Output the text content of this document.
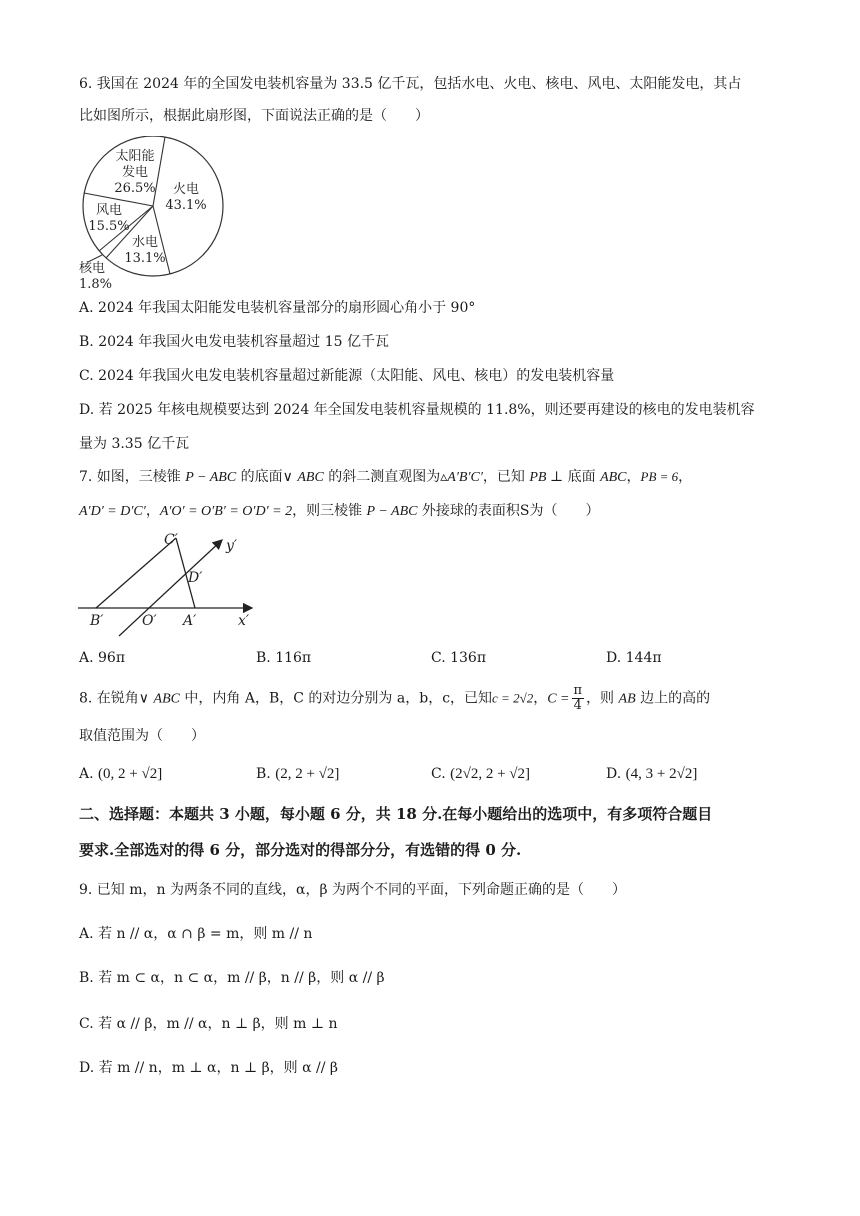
6. 我国在 2024 年的全国发电装机容量为 33.5 亿千瓦，包括水电、火电、核电、风电、太阳能发电，其占
比如图所示，根据此扇形图，下面说法正确的是（　　）
太阳能
发电
26.5% 火电
43.1%
风电
15.5%
水电
13.1%
核电
1.8%
A. 2024 年我国太阳能发电装机容量部分的扇形圆心角小于 90°
B. 2024 年我国火电发电装机容量超过 15 亿千瓦
C. 2024 年我国火电发电装机容量超过新能源（太阳能、风电、核电）的发电装机容量
D. 若 2025 年核电规模要达到 2024 年全国发电装机容量规模的 11.8%，则还要再建设的核电的发电装机容
量为 3.35 亿千瓦
7. 如图，三棱锥 P − ABC 的底面∨ ABC 的斜二测直观图为▵A′B′C′，已知 PB ⊥ 底面 ABC，PB = 6，
A′D′ = D′C′，A′O′ = O′B′ = O′D′ = 2，则三棱锥 P − ABC 外接球的表面积S为（　　）
C′	y′
D′
B′	O′ A′	x′
A. 96π	B. 116π	C. 136π	D. 144π
8. 在锐角∨ ABC 中，内角 A，B，C 的对边分别为 a，b，c，已知c = 2√2，$C = \frac{\pi}{4}$ ，则 AB 边上的高的
取值范围为（　　）
A. (0, 2 + √2]	B. (2, 2 + √2]	C. (2√2, 2 + √2]	D. (4, 3 + 2√2]
二、选择题：本题共 3 小题，每小题 6 分，共 18 分.在每小题给出的选项中，有多项符合题目
要求.全部选对的得 6 分，部分选对的得部分分，有选错的得 0 分.
9. 已知 m，n 为两条不同的直线，α，β 为两个不同的平面，下列命题正确的是（　　）
A. 若 n // α，α ∩ β = m，则 m // n
B. 若 m ⊂ α，n ⊂ α，m // β，n // β，则 α // β
C. 若 α // β，m // α，n ⊥ β，则 m ⊥ n
D. 若 m // n，m ⊥ α，n ⊥ β，则 α // β
